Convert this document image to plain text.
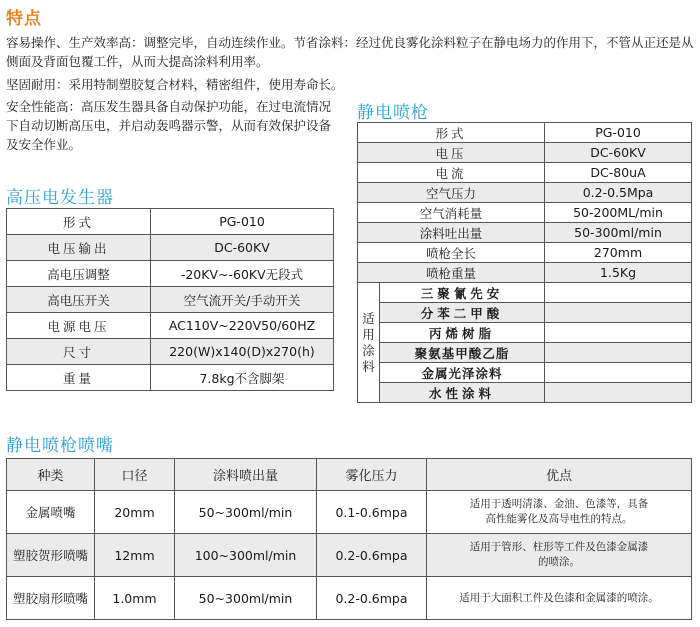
特点
容易操作、生产效率高：调整完毕，自动连续作业。节省涂料：经过优良雾化涂料粒子在静电场力的作用下，不管从正还是从侧面及背面包覆工件，从而大提高涂料利用率。
坚固耐用：采用特制塑胶复合材料，精密组件，使用寿命长。
安全性能高：高压发生器具备自动保护功能，在过电流情况下自动切断高压电，并启动轰鸣器示警，从而有效保护设备及安全作业。
高压电发生器
形式	PG-010
电压输出	DC-60KV
高电压调整	-20KV~-60KV无段式
高电压开关	空气流开关/手动开关
电源电压	AC110V~220V50/60HZ
尺寸	220(W)x140(D)x270(h)
重量	7.8kg不含脚架
静电喷枪
形式		PG-010
电压		DC-60KV
电流		DC-80uA
空气压力		0.2-0.5Mpa
空气消耗量		50-200ML/min
涂料吐出量		50-300ml/min
喷枪全长		270mm
喷枪重量		1.5Kg

适
用
涂
料	三聚氰先安	
	分苯二甲酸	
	丙烯树脂	
	聚氨基甲酸乙脂	
	金属光泽涂料	
	水性涂料	
静电喷枪喷嘴
种类	口径	涂料喷出量	雾化压力	优点
金属喷嘴	20mm	50~300ml/min	0.1-0.6mpa	适用于透明清漆、金油、色漆等，具备
高性能雾化及高导电性的特点。

塑胶贺形喷嘴	12mm	100~300ml/min	0.2-0.6mpa	适用于管形、柱形等工件及色漆金属漆
的喷涂。

塑胶扇形喷嘴	1.0mm	50~300ml/min	0.2-0.6mpa	适用于大面积工件及色漆和金属漆的喷涂。
